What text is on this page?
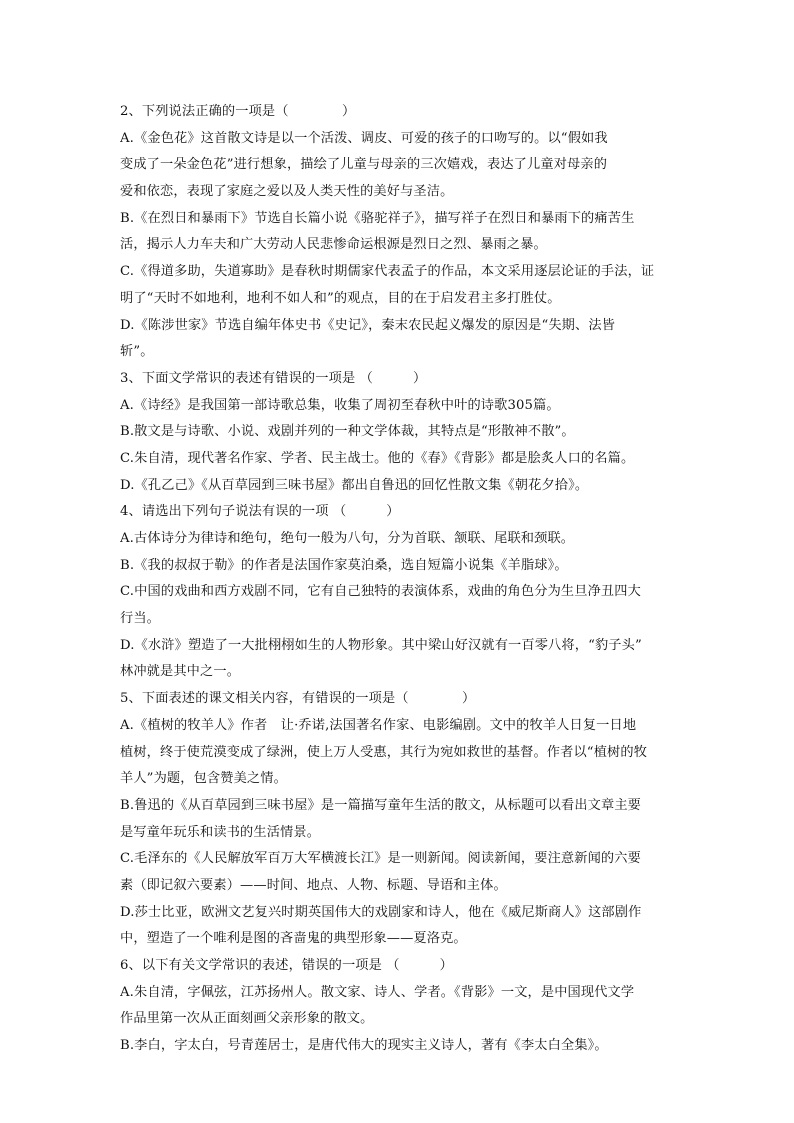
2、下列说法正确的一项是（　　　　）
A.《金色花》这首散文诗是以一个活泼、调皮、可爱的孩子的口吻写的。以“假如我
变成了一朵金色花”进行想象，描绘了儿童与母亲的三次嬉戏，表达了儿童对母亲的
爱和依恋，表现了家庭之爱以及人类天性的美好与圣洁。
B.《在烈日和暴雨下》节选自长篇小说《骆驼祥子》，描写祥子在烈日和暴雨下的痛苦生
活，揭示人力车夫和广大劳动人民悲惨命运根源是烈日之烈、暴雨之暴。
C.《得道多助，失道寡助》是春秋时期儒家代表孟子的作品，本文采用逐层论证的手法，证
明了“天时不如地利，地利不如人和”的观点，目的在于启发君主多打胜仗。
D.《陈涉世家》节选自编年体史书《史记》，秦末农民起义爆发的原因是“失期、法皆
斩”。
3、下面文学常识的表述有错误的一项是 （　　　）
A.《诗经》是我国第一部诗歌总集，收集了周初至春秋中叶的诗歌305篇。
B.散文是与诗歌、小说、戏剧并列的一种文学体裁，其特点是“形散神不散”。
C.朱自清，现代著名作家、学者、民主战士。他的《春》《背影》都是脍炙人口的名篇。
D.《孔乙己》《从百草园到三味书屋》都出自鲁迅的回忆性散文集《朝花夕拾》。
4、请选出下列句子说法有误的一项 （　　　）
A.古体诗分为律诗和绝句，绝句一般为八句，分为首联、颔联、尾联和颈联。
B.《我的叔叔于勒》的作者是法国作家莫泊桑，选自短篇小说集《羊脂球》。
C.中国的戏曲和西方戏剧不同，它有自己独特的表演体系，戏曲的角色分为生旦净丑四大
行当。
D.《水浒》塑造了一大批栩栩如生的人物形象。其中梁山好汉就有一百零八将，“豹子头”
林冲就是其中之一。
5、下面表述的课文相关内容，有错误的一项是（　　　　）
A.《植树的牧羊人》作者　让·乔诺,法国著名作家、电影编剧。文中的牧羊人日复一日地
植树，终于使荒漠变成了绿洲，使上万人受惠，其行为宛如救世的基督。作者以“植树的牧
羊人”为题，包含赞美之情。
B.鲁迅的《从百草园到三味书屋》是一篇描写童年生活的散文，从标题可以看出文章主要
是写童年玩乐和读书的生活情景。
C.毛泽东的《人民解放军百万大军横渡长江》是一则新闻。阅读新闻，要注意新闻的六要
素（即记叙六要素）——时间、地点、人物、标题、导语和主体。
D.莎士比亚，欧洲文艺复兴时期英国伟大的戏剧家和诗人，他在《威尼斯商人》这部剧作
中，塑造了一个唯利是图的吝啬鬼的典型形象——夏洛克。
6、以下有关文学常识的表述，错误的一项是 （　　　）
A.朱自清，字佩弦，江苏扬州人。散文家、诗人、学者。《背影》一文，是中国现代文学
作品里第一次从正面刻画父亲形象的散文。
B.李白，字太白，号青莲居士，是唐代伟大的现实主义诗人，著有《李太白全集》。
